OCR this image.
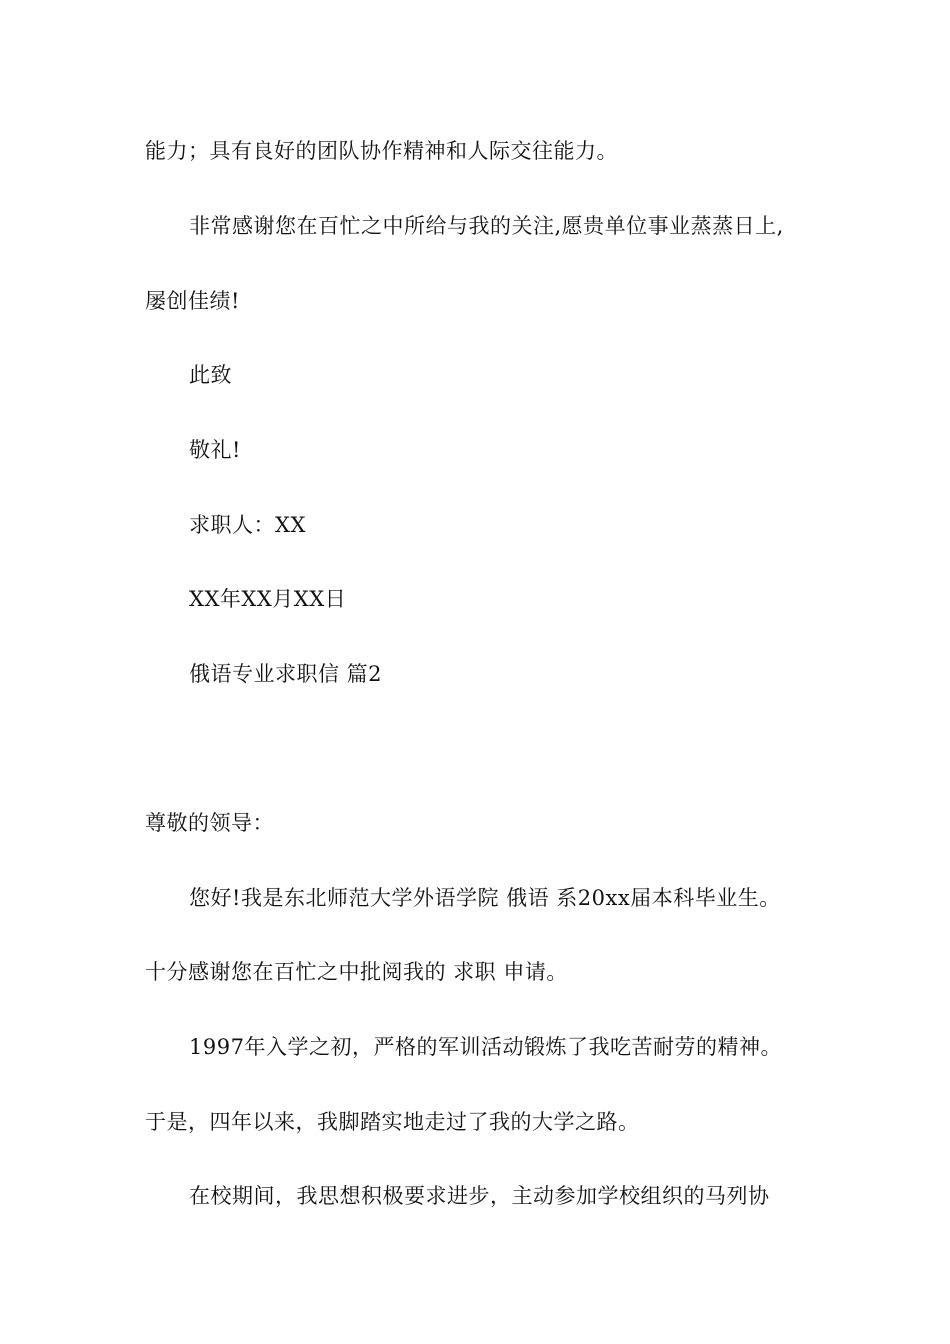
能力；具有良好的团队协作精神和人际交往能力。
非常感谢您在百忙之中所给与我的关注,愿贵单位事业蒸蒸日上,
屡创佳绩!
此致
敬礼!
求职人：XX
XX年XX月XX日
俄语专业求职信 篇2
尊敬的领导：
您好!我是东北师范大学外语学院 俄语 系20xx届本科毕业生。
十分感谢您在百忙之中批阅我的 求职 申请。
1997年入学之初，严格的军训活动锻炼了我吃苦耐劳的精神。
于是，四年以来，我脚踏实地走过了我的大学之路。
在校期间，我思想积极要求进步，主动参加学校组织的马列协
